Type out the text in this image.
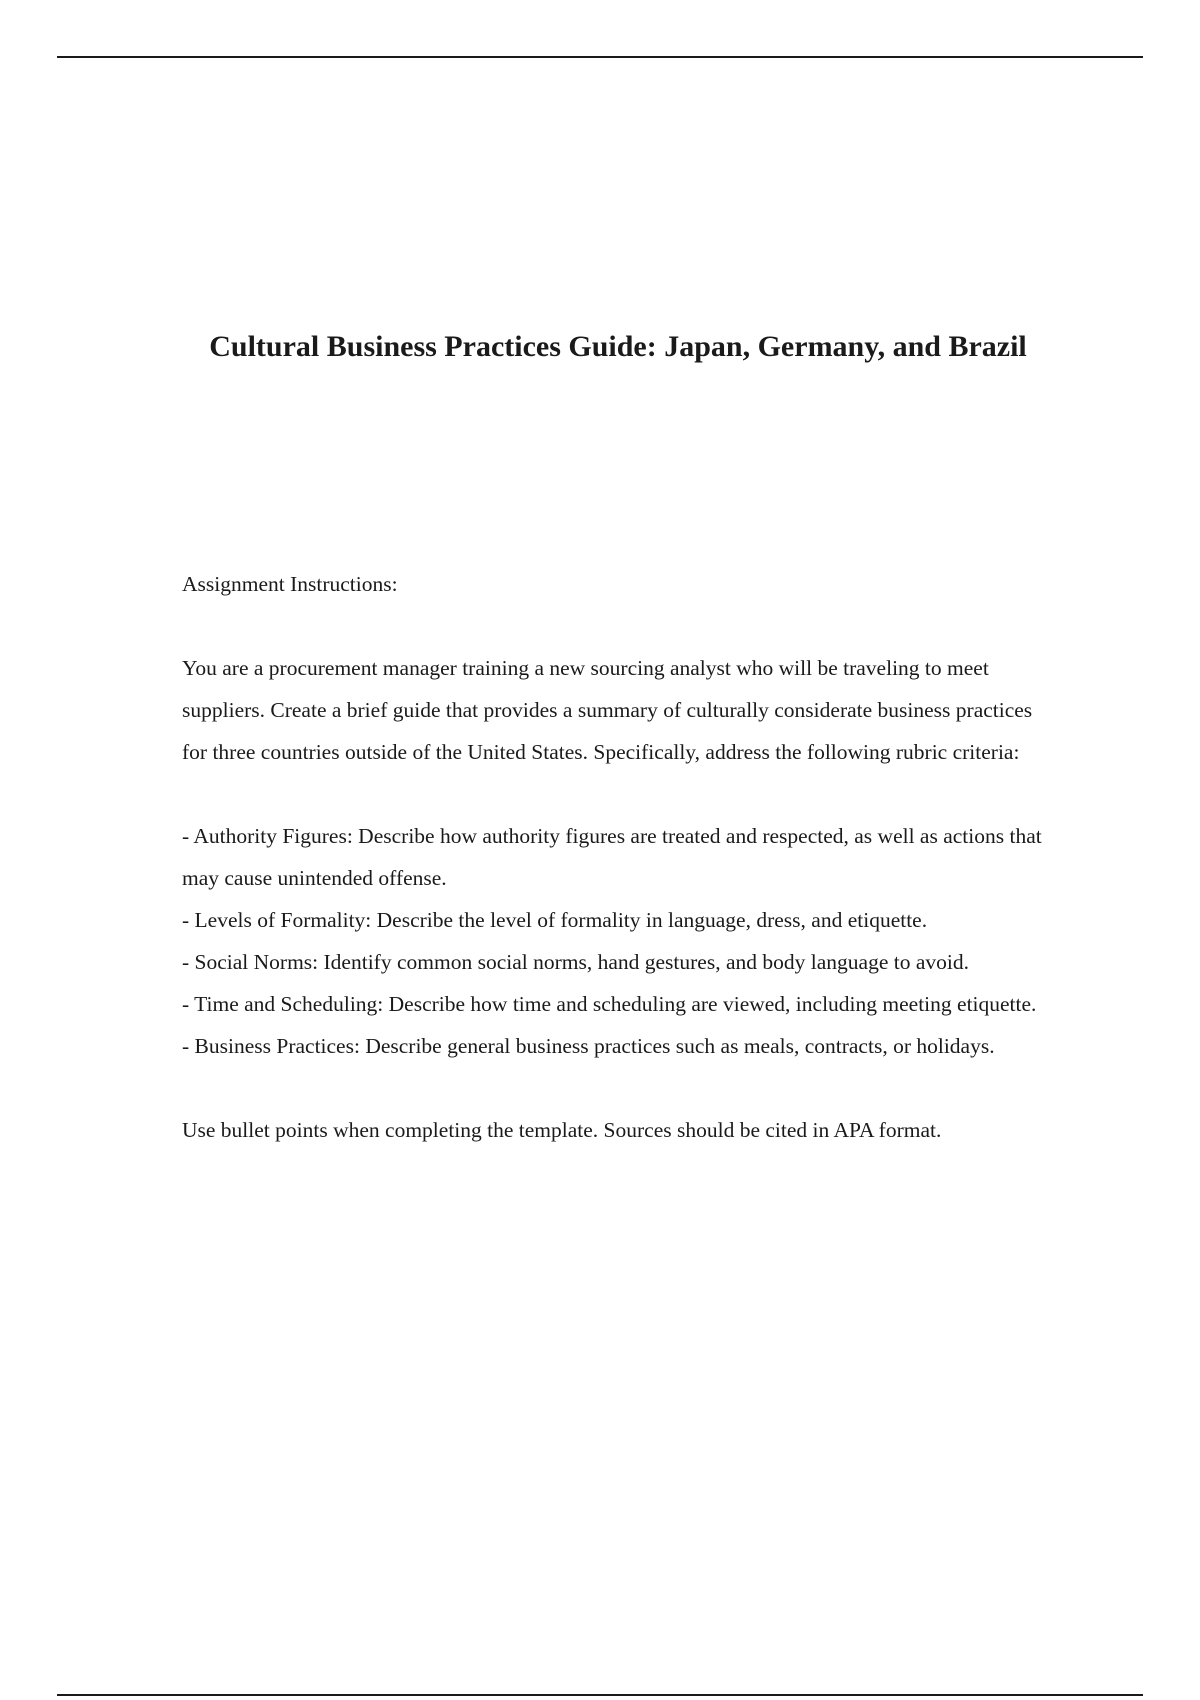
Cultural Business Practices Guide: Japan, Germany, and Brazil

Assignment Instructions:

You are a procurement manager training a new sourcing analyst who will be traveling to meet suppliers. Create a brief guide that provides a summary of culturally considerate business practices for three countries outside of the United States. Specifically, address the following rubric criteria:

- Authority Figures: Describe how authority figures are treated and respected, as well as actions that may cause unintended offense.

- Levels of Formality: Describe the level of formality in language, dress, and etiquette.

- Social Norms: Identify common social norms, hand gestures, and body language to avoid.

- Time and Scheduling: Describe how time and scheduling are viewed, including meeting etiquette.

- Business Practices: Describe general business practices such as meals, contracts, or holidays.

Use bullet points when completing the template. Sources should be cited in APA format.
